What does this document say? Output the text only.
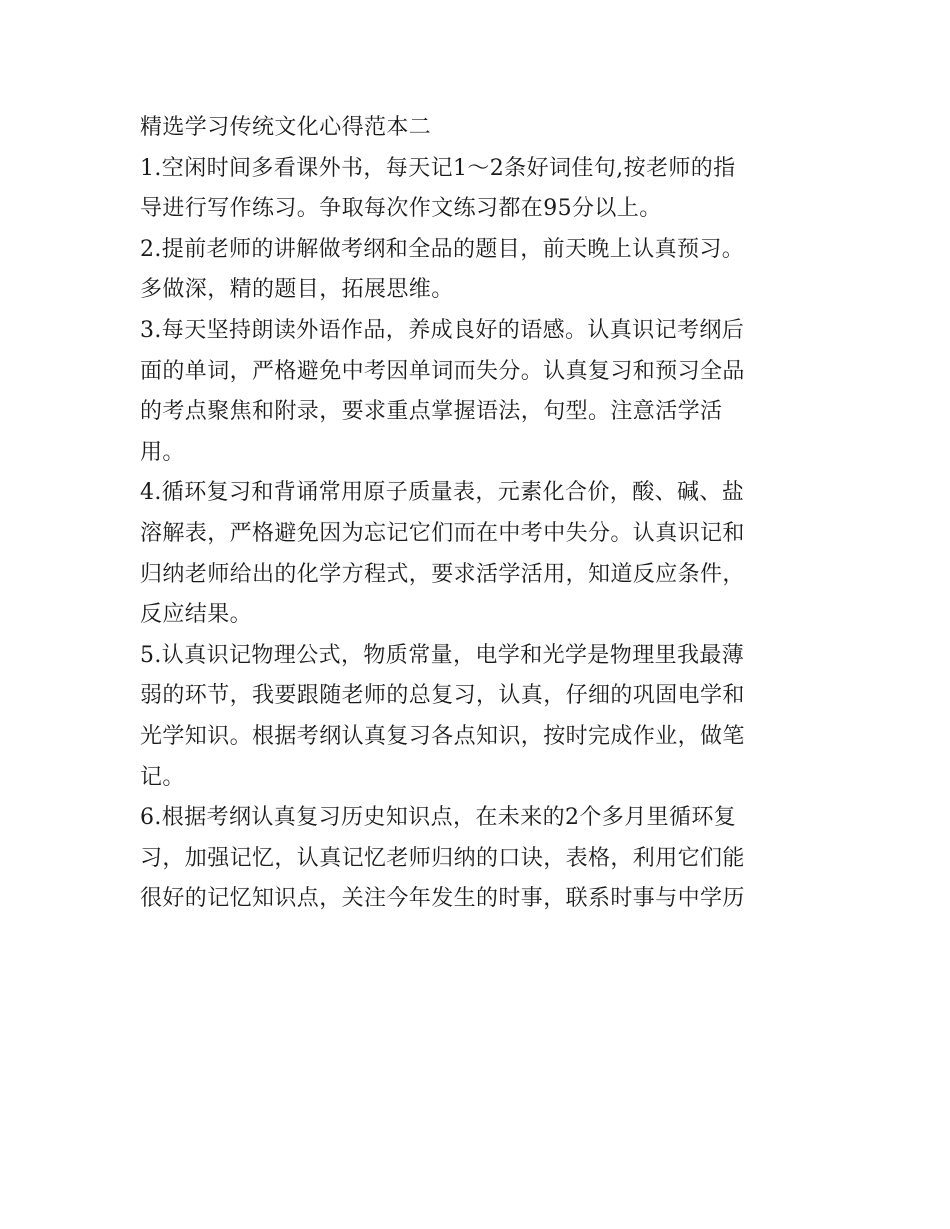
精选学习传统文化心得范本二
1.空闲时间多看课外书，每天记1～2条好词佳句,按老师的指
导进行写作练习。争取每次作文练习都在95分以上。
2.提前老师的讲解做考纲和全品的题目，前天晚上认真预习。
多做深，精的题目，拓展思维。
3.每天坚持朗读外语作品，养成良好的语感。认真识记考纲后
面的单词，严格避免中考因单词而失分。认真复习和预习全品
的考点聚焦和附录，要求重点掌握语法，句型。注意活学活
用。
4.循环复习和背诵常用原子质量表，元素化合价，酸、碱、盐
溶解表，严格避免因为忘记它们而在中考中失分。认真识记和
归纳老师给出的化学方程式，要求活学活用，知道反应条件，
反应结果。
5.认真识记物理公式，物质常量，电学和光学是物理里我最薄
弱的环节，我要跟随老师的总复习，认真，仔细的巩固电学和
光学知识。根据考纲认真复习各点知识，按时完成作业，做笔
记。
6.根据考纲认真复习历史知识点，在未来的2个多月里循环复
习，加强记忆，认真记忆老师归纳的口诀，表格，利用它们能
很好的记忆知识点，关注今年发生的时事，联系时事与中学历
